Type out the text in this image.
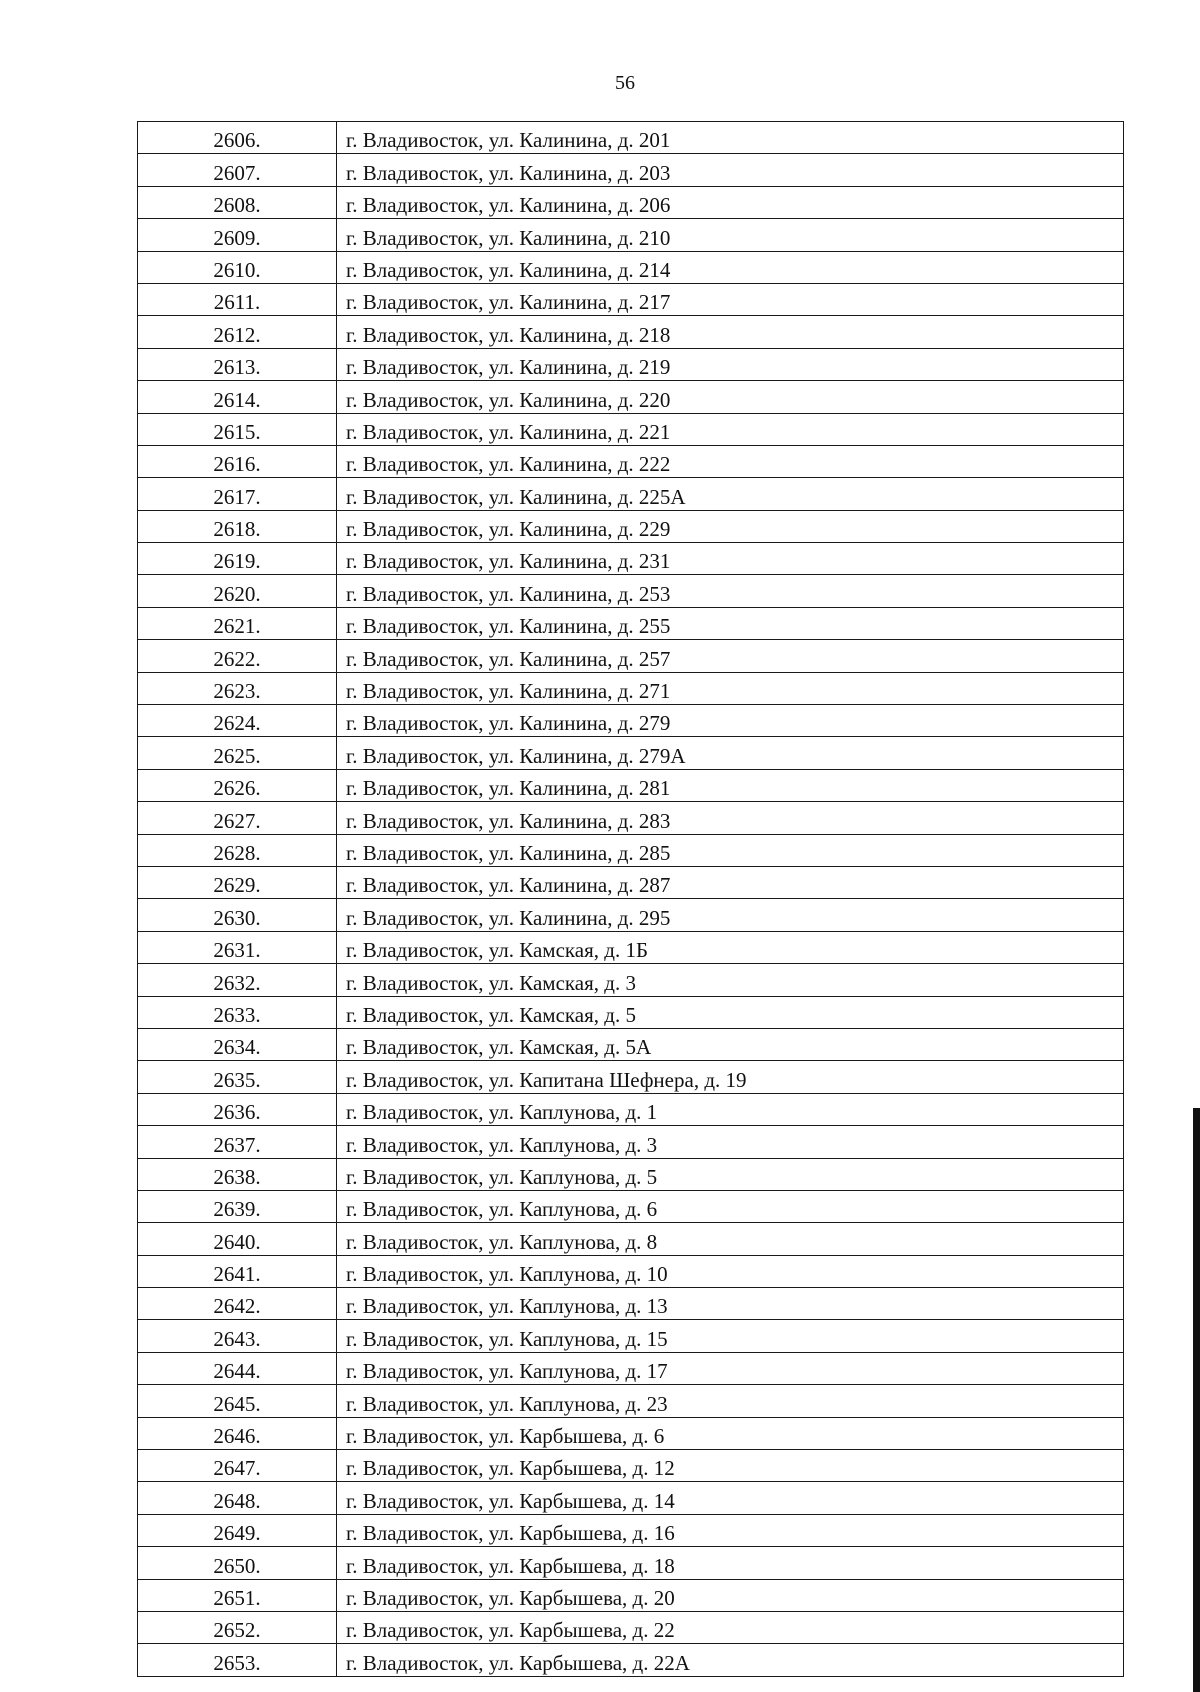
56
2606.	г. Владивосток, ул. Калинина, д. 201
2607.	г. Владивосток, ул. Калинина, д. 203
2608.	г. Владивосток, ул. Калинина, д. 206
2609.	г. Владивосток, ул. Калинина, д. 210
2610.	г. Владивосток, ул. Калинина, д. 214
2611.	г. Владивосток, ул. Калинина, д. 217
2612.	г. Владивосток, ул. Калинина, д. 218
2613.	г. Владивосток, ул. Калинина, д. 219
2614.	г. Владивосток, ул. Калинина, д. 220
2615.	г. Владивосток, ул. Калинина, д. 221
2616.	г. Владивосток, ул. Калинина, д. 222
2617.	г. Владивосток, ул. Калинина, д. 225А
2618.	г. Владивосток, ул. Калинина, д. 229
2619.	г. Владивосток, ул. Калинина, д. 231
2620.	г. Владивосток, ул. Калинина, д. 253
2621.	г. Владивосток, ул. Калинина, д. 255
2622.	г. Владивосток, ул. Калинина, д. 257
2623.	г. Владивосток, ул. Калинина, д. 271
2624.	г. Владивосток, ул. Калинина, д. 279
2625.	г. Владивосток, ул. Калинина, д. 279А
2626.	г. Владивосток, ул. Калинина, д. 281
2627.	г. Владивосток, ул. Калинина, д. 283
2628.	г. Владивосток, ул. Калинина, д. 285
2629.	г. Владивосток, ул. Калинина, д. 287
2630.	г. Владивосток, ул. Калинина, д. 295
2631.	г. Владивосток, ул. Камская, д. 1Б
2632.	г. Владивосток, ул. Камская, д. 3
2633.	г. Владивосток, ул. Камская, д. 5
2634.	г. Владивосток, ул. Камская, д. 5А
2635.	г. Владивосток, ул. Капитана Шефнера, д. 19
2636.	г. Владивосток, ул. Каплунова, д. 1
2637.	г. Владивосток, ул. Каплунова, д. 3
2638.	г. Владивосток, ул. Каплунова, д. 5
2639.	г. Владивосток, ул. Каплунова, д. 6
2640.	г. Владивосток, ул. Каплунова, д. 8
2641.	г. Владивосток, ул. Каплунова, д. 10
2642.	г. Владивосток, ул. Каплунова, д. 13
2643.	г. Владивосток, ул. Каплунова, д. 15
2644.	г. Владивосток, ул. Каплунова, д. 17
2645.	г. Владивосток, ул. Каплунова, д. 23
2646.	г. Владивосток, ул. Карбышева, д. 6
2647.	г. Владивосток, ул. Карбышева, д. 12
2648.	г. Владивосток, ул. Карбышева, д. 14
2649.	г. Владивосток, ул. Карбышева, д. 16
2650.	г. Владивосток, ул. Карбышева, д. 18
2651.	г. Владивосток, ул. Карбышева, д. 20
2652.	г. Владивосток, ул. Карбышева, д. 22
2653.	г. Владивосток, ул. Карбышева, д. 22А
